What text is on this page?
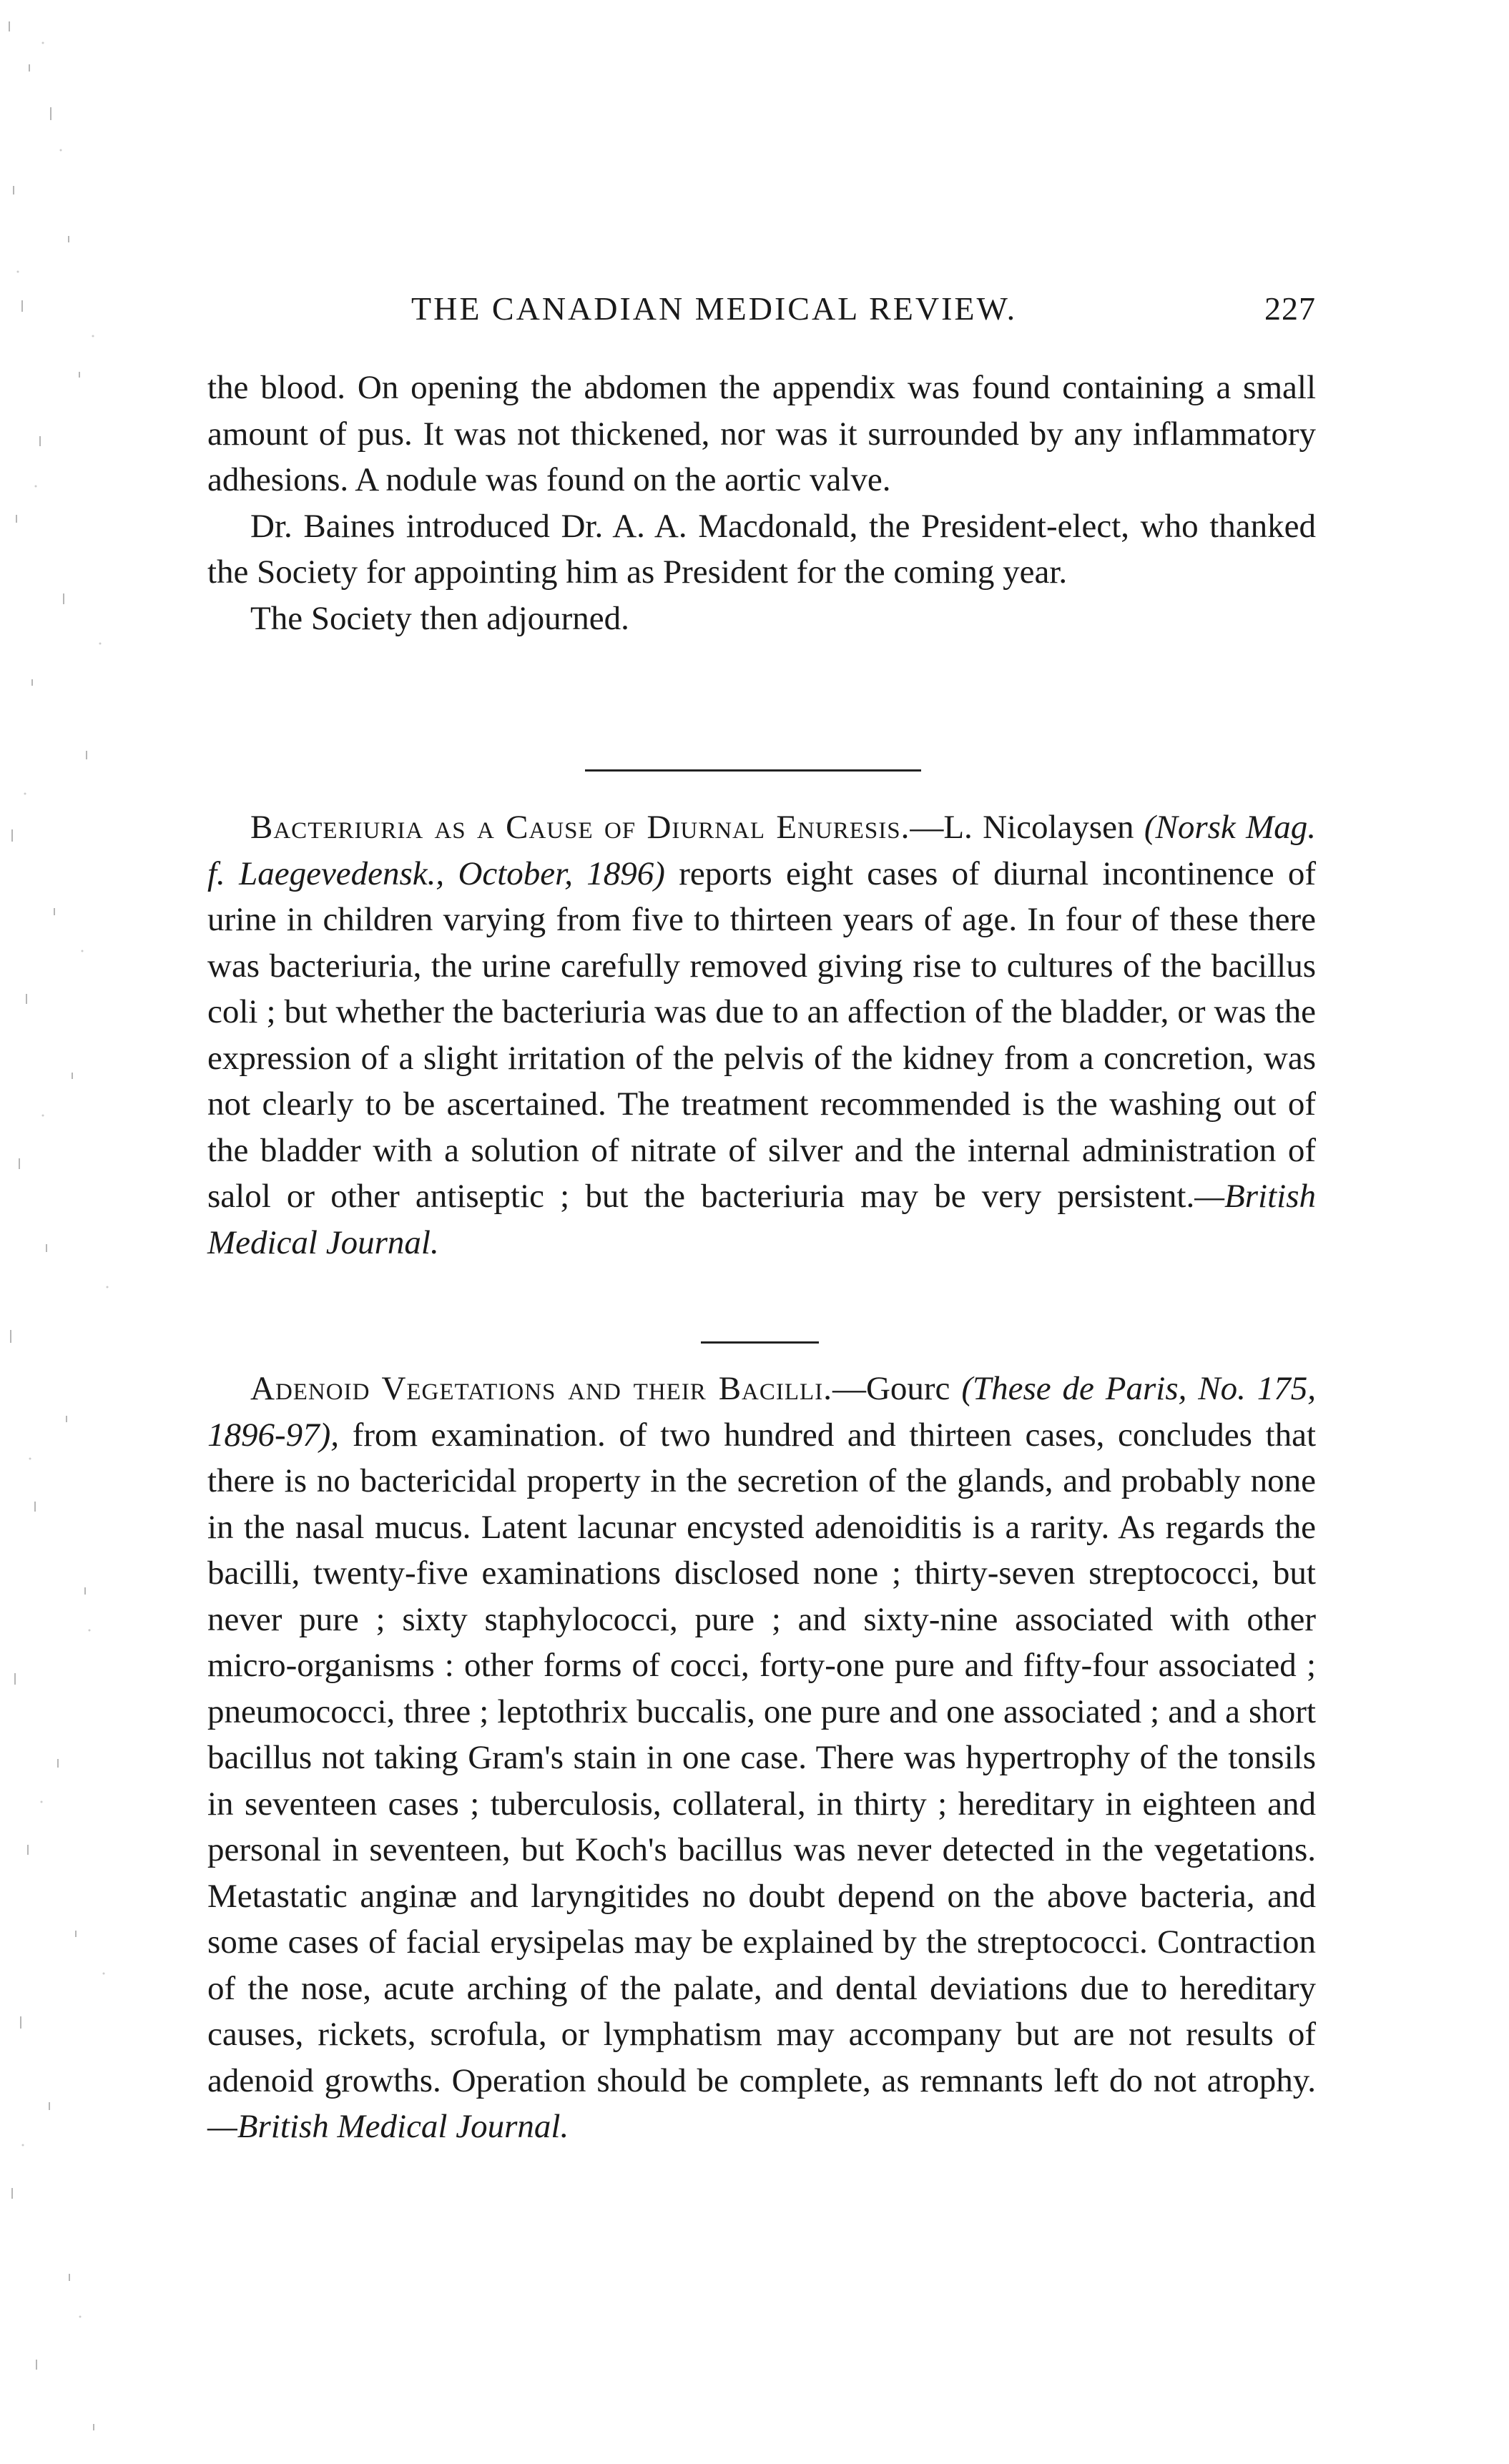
THE CANADIAN MEDICAL REVIEW.	227

the blood. On opening the abdomen the appendix was found containing a small amount of pus. It was not thickened, nor was it surrounded by any inflammatory adhesions. A nodule was found on the aortic valve.

Dr. Baines introduced Dr. A. A. Macdonald, the President-elect, who thanked the Society for appointing him as President for the coming year.

The Society then adjourned.

Bacteriuria as a Cause of Diurnal Enuresis.—L. Nicolaysen (Norsk Mag. f. Laegevedensk., October, 1896) reports eight cases of diurnal incontinence of urine in children varying from five to thirteen years of age. In four of these there was bacteriuria, the urine carefully removed giving rise to cultures of the bacillus coli ; but whether the bacteriuria was due to an affection of the bladder, or was the expression of a slight irritation of the pelvis of the kidney from a concretion, was not clearly to be ascertained. The treatment recommended is the washing out of the bladder with a solution of nitrate of silver and the internal administration of salol or other antiseptic ; but the bacteriuria may be very persistent.—British Medical Journal.

Adenoid Vegetations and their Bacilli.—Gourc (These de Paris, No. 175, 1896-97), from examination. of two hundred and thirteen cases, concludes that there is no bactericidal property in the secretion of the glands, and probably none in the nasal mucus. Latent lacunar encysted adenoiditis is a rarity. As regards the bacilli, twenty-five examinations disclosed none ; thirty-seven streptococci, but never pure ; sixty staphylococci, pure ; and sixty-nine associated with other micro-organisms : other forms of cocci, forty-one pure and fifty-four associated ; pneumococci, three ; leptothrix buccalis, one pure and one associated ; and a short bacillus not taking Gram's stain in one case. There was hypertrophy of the tonsils in seventeen cases ; tuberculosis, collateral, in thirty ; hereditary in eighteen and personal in seventeen, but Koch's bacillus was never detected in the vegetations. Metastatic anginæ and laryngitides no doubt depend on the above bacteria, and some cases of facial erysipelas may be explained by the streptococci. Contraction of the nose, acute arching of the palate, and dental deviations due to hereditary causes, rickets, scrofula, or lymphatism may accompany but are not results of adenoid growths. Operation should be complete, as remnants left do not atrophy.—British Medical Journal.
